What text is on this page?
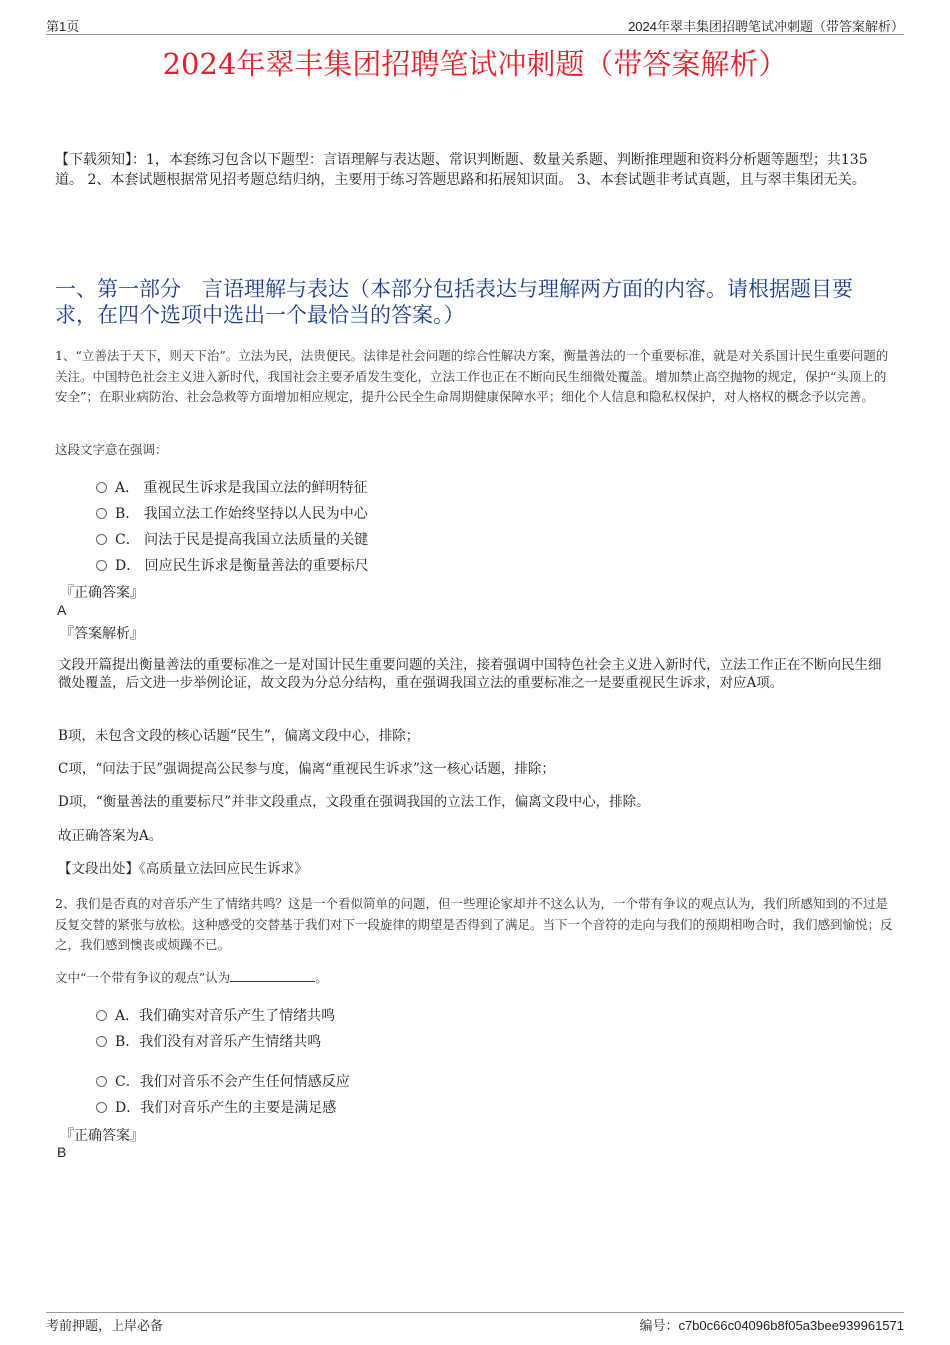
第1页	2024年翠丰集团招聘笔试冲刺题（带答案解析）
2024年翠丰集团招聘笔试冲刺题（带答案解析）
【下载须知】：1，本套练习包含以下题型：言语理解与表达题、常识判断题、数量关系题、判断推理题和资料分析题等题型；共135道。 2、本套试题根据常见招考题总结归纳，主要用于练习答题思路和拓展知识面。 3、本套试题非考试真题，且与翠丰集团无关。
一、第一部分　言语理解与表达（本部分包括表达与理解两方面的内容。请根据题目要求，在四个选项中选出一个最恰当的答案。）
1、“立善法于天下，则天下治”。立法为民，法贵便民。法律是社会问题的综合性解决方案，衡量善法的一个重要标准，就是对关系国计民生重要问题的关注。中国特色社会主义进入新时代，我国社会主要矛盾发生变化，立法工作也正在不断向民生细微处覆盖。增加禁止高空抛物的规定，保护“头顶上的安全”；在职业病防治、社会急救等方面增加相应规定，提升公民全生命周期健康保障水平；细化个人信息和隐私权保护，对人格权的概念予以完善。
这段文字意在强调：
A． 重视民生诉求是我国立法的鲜明特征
B． 我国立法工作始终坚持以人民为中心
C． 问法于民是提高我国立法质量的关键
D． 回应民生诉求是衡量善法的重要标尺
『正确答案』
A
『答案解析』
文段开篇提出衡量善法的重要标准之一是对国计民生重要问题的关注，接着强调中国特色社会主义进入新时代，立法工作正在不断向民生细微处覆盖，后文进一步举例论证，故文段为分总分结构，重在强调我国立法的重要标准之一是要重视民生诉求，对应A项。
B项，未包含文段的核心话题“民生”，偏离文段中心，排除；
C项，“问法于民”强调提高公民参与度，偏离“重视民生诉求”这一核心话题，排除；
D项，“衡量善法的重要标尺”并非文段重点，文段重在强调我国的立法工作，偏离文段中心，排除。
故正确答案为A。
【文段出处】《高质量立法回应民生诉求》
2、我们是否真的对音乐产生了情绪共鸣？这是一个看似简单的问题，但一些理论家却并不这么认为，一个带有争议的观点认为，我们所感知到的不过是反复交替的紧张与放松。这种感受的交替基于我们对下一段旋律的期望是否得到了满足。当下一个音符的走向与我们的预期相吻合时，我们感到愉悦；反之，我们感到懊丧或烦躁不已。
文中“一个带有争议的观点”认为	。
A．我们确实对音乐产生了情绪共鸣
B．我们没有对音乐产生情绪共鸣
C．我们对音乐不会产生任何情感反应
D．我们对音乐产生的主要是满足感
『正确答案』
B
考前押题，上岸必备	编号：c7b0c66c04096b8f05a3bee939961571
